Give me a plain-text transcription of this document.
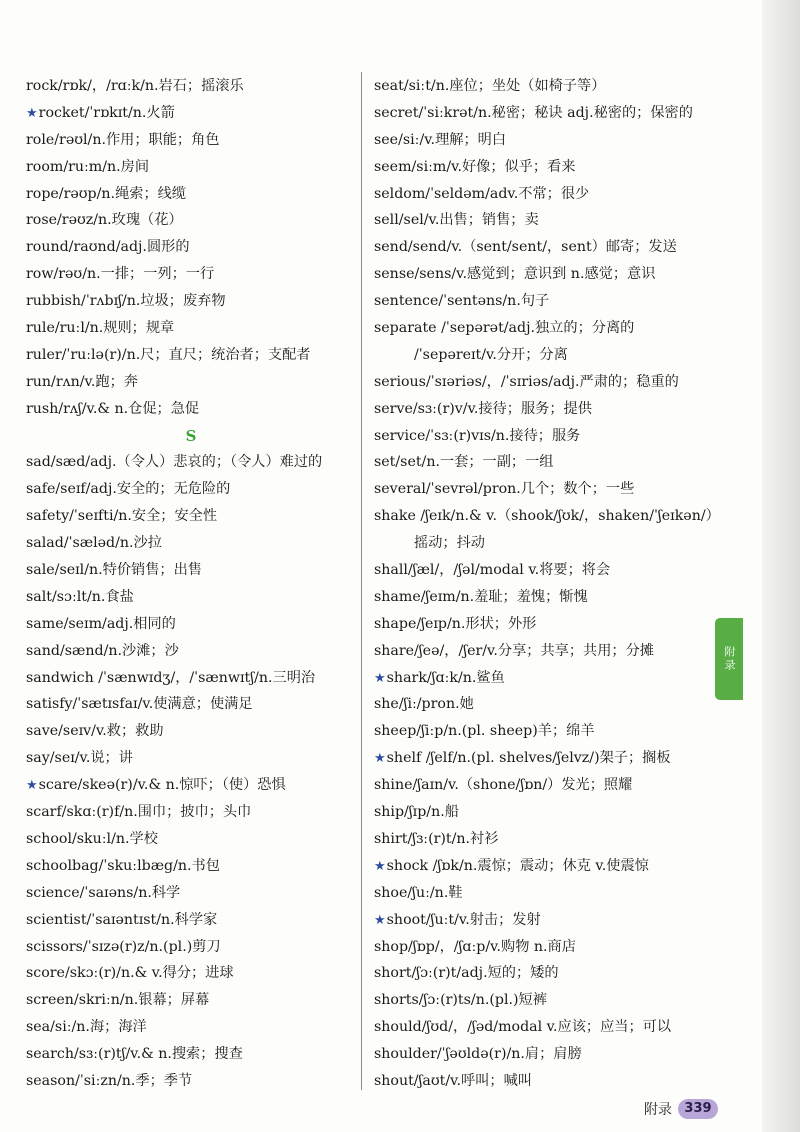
rock/rɒk/，/rɑːk/n.岩石；摇滚乐
★rocket/ˈrɒkɪt/n.火箭
role/rəʊl/n.作用；职能；角色
room/ruːm/n.房间
rope/rəʊp/n.绳索；线缆
rose/rəʊz/n.玫瑰（花）
round/raʊnd/adj.圆形的
row/rəʊ/n.一排；一列；一行
rubbish/ˈrʌbɪʃ/n.垃圾；废弃物
rule/ruːl/n.规则；规章
ruler/ˈruːlə(r)/n.尺；直尺；统治者；支配者
run/rʌn/v.跑；奔
rush/rʌʃ/v.& n.仓促；急促
S
sad/sæd/adj.（令人）悲哀的；（令人）难过的
safe/seɪf/adj.安全的；无危险的
safety/ˈseɪfti/n.安全；安全性
salad/ˈsæləd/n.沙拉
sale/seɪl/n.特价销售；出售
salt/sɔːlt/n.食盐
same/seɪm/adj.相同的
sand/sænd/n.沙滩；沙
sandwich /ˈsænwɪdʒ/，/ˈsænwɪtʃ/n.三明治
satisfy/ˈsætɪsfaɪ/v.使满意；使满足
save/seɪv/v.救；救助
say/seɪ/v.说；讲
★scare/skeə(r)/v.& n.惊吓；（使）恐惧
scarf/skɑː(r)f/n.围巾；披巾；头巾
school/skuːl/n.学校
schoolbag/ˈskuːlbæg/n.书包
science/ˈsaɪəns/n.科学
scientist/ˈsaɪəntɪst/n.科学家
scissors/ˈsɪzə(r)z/n.(pl.)剪刀
score/skɔː(r)/n.& v.得分；进球
screen/skriːn/n.银幕；屏幕
sea/siː/n.海；海洋
search/sɜː(r)tʃ/v.& n.搜索；搜查
season/ˈsiːzn/n.季；季节
seat/siːt/n.座位；坐处（如椅子等）
secret/ˈsiːkrət/n.秘密；秘诀 adj.秘密的；保密的
see/siː/v.理解；明白
seem/siːm/v.好像；似乎；看来
seldom/ˈseldəm/adv.不常；很少
sell/sel/v.出售；销售；卖
send/send/v.（sent/sent/，sent）邮寄；发送
sense/sens/v.感觉到；意识到 n.感觉；意识
sentence/ˈsentəns/n.句子
separate /ˈsepərət/adj.独立的；分离的
/ˈsepəreɪt/v.分开；分离
serious/ˈsɪəriəs/，/ˈsɪriəs/adj.严肃的；稳重的
serve/sɜː(r)v/v.接待；服务；提供
service/ˈsɜː(r)vɪs/n.接待；服务
set/set/n.一套；一副；一组
several/ˈsevrəl/pron.几个；数个；一些
shake /ʃeɪk/n.& v.（shook/ʃʊk/，shaken/ˈʃeɪkən/）
摇动；抖动
shall/ʃæl/，/ʃəl/modal v.将要；将会
shame/ʃeɪm/n.羞耻；羞愧；惭愧
shape/ʃeɪp/n.形状；外形
share/ʃeə/，/ʃer/v.分享；共享；共用；分摊
★shark/ʃɑːk/n.鲨鱼
she/ʃiː/pron.她
sheep/ʃiːp/n.(pl. sheep)羊；绵羊
★shelf /ʃelf/n.(pl. shelves/ʃelvz/)架子；搁板
shine/ʃaɪn/v.（shone/ʃɒn/）发光；照耀
ship/ʃɪp/n.船
shirt/ʃɜː(r)t/n.衬衫
★shock /ʃɒk/n.震惊；震动；休克 v.使震惊
shoe/ʃuː/n.鞋
★shoot/ʃuːt/v.射击；发射
shop/ʃɒp/，/ʃɑːp/v.购物 n.商店
short/ʃɔː(r)t/adj.短的；矮的
shorts/ʃɔː(r)ts/n.(pl.)短裤
should/ʃʊd/，/ʃəd/modal v.应该；应当；可以
shoulder/ˈʃəʊldə(r)/n.肩；肩膀
shout/ʃaʊt/v.呼叫；喊叫
附录
附录 339
